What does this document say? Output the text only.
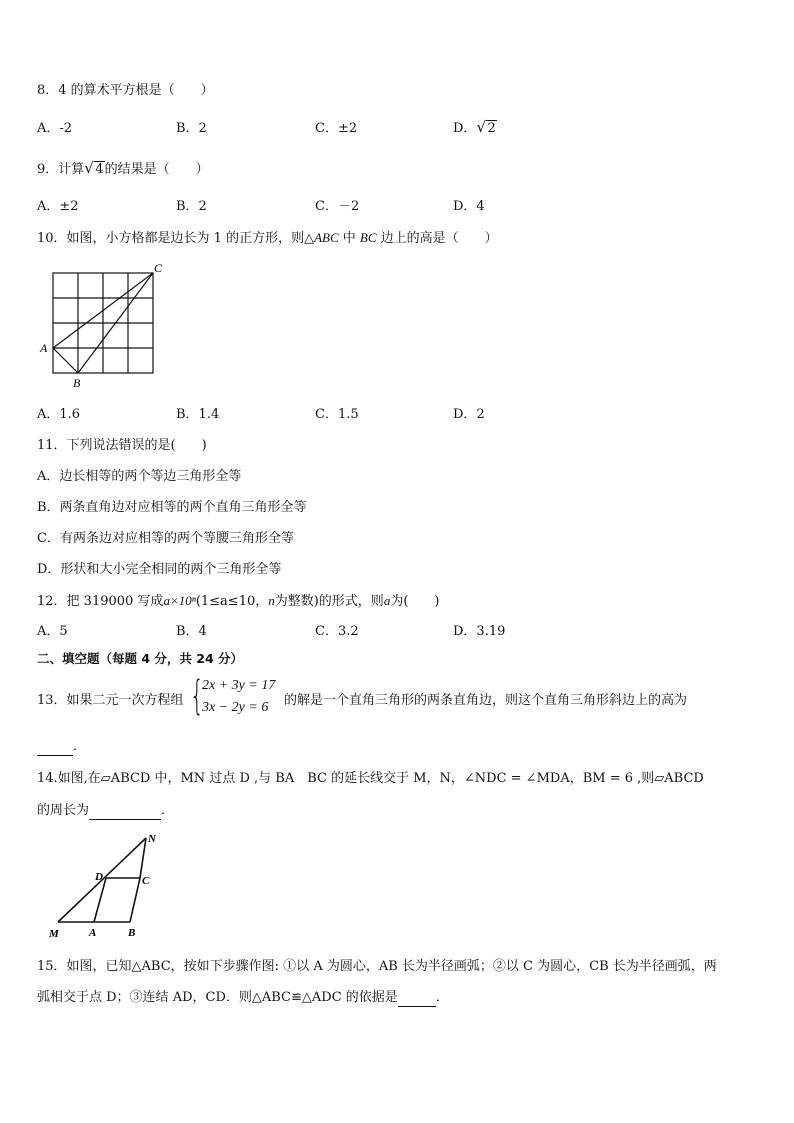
8．4 的算术平方根是（　　）
A．-2	B．2	C．±2	D． √ 2
9．计算 √ 4的结果是（　　）
A．±2	B．2	C．－2	D．4
10．如图，小方格都是边长为 1 的正方形，则△ABC 中 BC 边上的高是（　　）
A
B
C
A．1.6	B．1.4	C．1.5	D．2
11．下列说法错误的是(　　)
A．边长相等的两个等边三角形全等
B．两条直角边对应相等的两个直角三角形全等
C．有两条边对应相等的两个等腰三角形全等
D．形状和大小完全相同的两个三角形全等
12．把 319000 写成a×10ⁿ(1≤a≤10，n为整数)的形式，则a为(　　)
A．5	B．4	C．3.2	D．3.19
二、填空题（每题 4 分，共 24 分）
13．如果二元一次方程组 {
2x + 3y = 17
3x − 2y = 6 的解是一个直角三角形的两条直角边，则这个直角三角形斜边上的高为
．
14.如图,在▱ABCD 中，MN 过点 D ,与 BA　BC 的延长线交于 M，N，∠NDC = ∠MDA，BM = 6 ,则▱ABCD
的周长为	．
N
D	C
M	A	B
15．如图，已知△ABC，按如下步骤作图: ①以 A 为圆心，AB 长为半径画弧；②以 C 为圆心，CB 长为半径画弧，两
弧相交于点 D；③连结 AD，CD．则△ABC≌△ADC 的依据是	．
